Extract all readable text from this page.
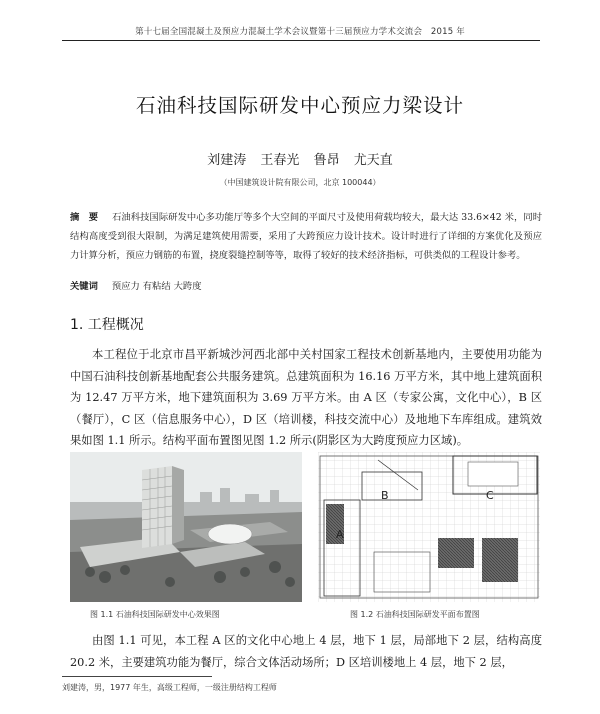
第十七届全国混凝土及预应力混凝土学术会议暨第十三届预应力学术交流会　2015 年
石油科技国际研发中心预应力梁设计
刘建涛 王春光 鲁昂 尤天直
（中国建筑设计院有限公司，北京 100044）
摘　要 石油科技国际研发中心多功能厅等多个大空间的平面尺寸及使用荷载均较大，最大达 33.6×42 米，同时结构高度受到很大限制，为满足建筑使用需要，采用了大跨预应力设计技术。设计时进行了详细的方案优化及预应力计算分析，预应力钢筋的布置，挠度裂缝控制等等，取得了较好的技术经济指标，可供类似的工程设计参考。
关键词 预应力 有粘结 大跨度
1. 工程概况
本工程位于北京市昌平新城沙河西北部中关村国家工程技术创新基地内，主要使用功能为中国石油科技创新基地配套公共服务建筑。总建筑面积为 16.16 万平方米，其中地上建筑面积为 12.47 万平方米，地下建筑面积为 3.69 万平方米。由 A 区（专家公寓，文化中心），B 区（餐厅），C 区（信息服务中心），D 区（培训楼，科技交流中心）及地地下车库组成。建筑效果如图 1.1 所示。结构平面布置图见图 1.2 所示(阴影区为大跨度预应力区域)。
A
B	C
图 1.1 石油科技国际研发中心效果图	图 1.2 石油科技国际研发平面布置图
由图 1.1 可见，本工程 A 区的文化中心地上 4 层，地下 1 层，局部地下 2 层，结构高度 20.2 米，主要建筑功能为餐厅，综合文体活动场所；D 区培训楼地上 4 层，地下 2 层，
刘建涛，男，1977 年生，高级工程师，一级注册结构工程师
